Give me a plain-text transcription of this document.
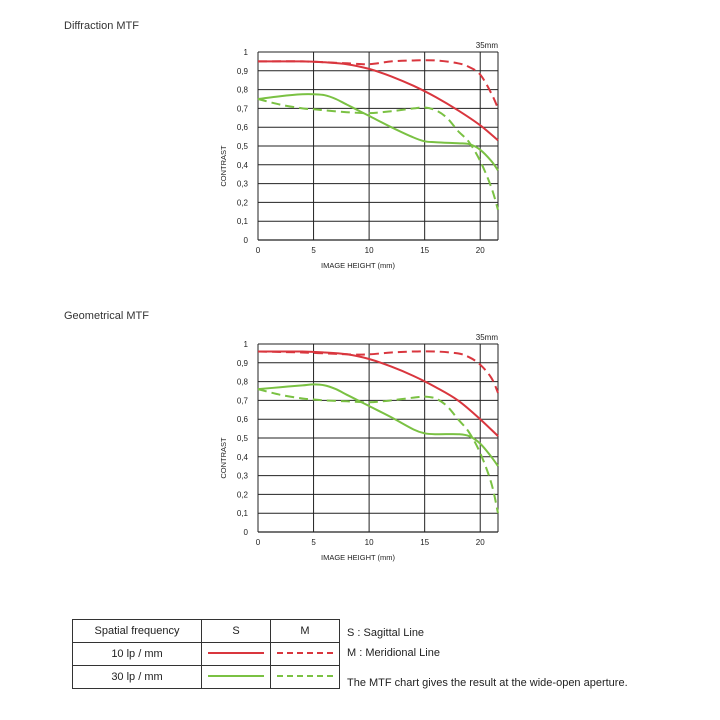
Diffraction MTF
0
0,1
0,2
0,3
0,4
0,5
0,6
0,7
0,8
0,9
1
0	5	10	15	20
IMAGE HEIGHT (mm)
CONTRAST
35mm
Geometrical MTF
0
0,1
0,2
0,3
0,4
0,5
0,6
0,7
0,8
0,9
1
0	5	10	15	20
IMAGE HEIGHT (mm)
CONTRAST
35mm
Spatial frequency	S	M
10 lp / mm		
30 lp / mm		
S : Sagittal Line
M : Meridional Line
The MTF chart gives the result at the wide-open aperture.
